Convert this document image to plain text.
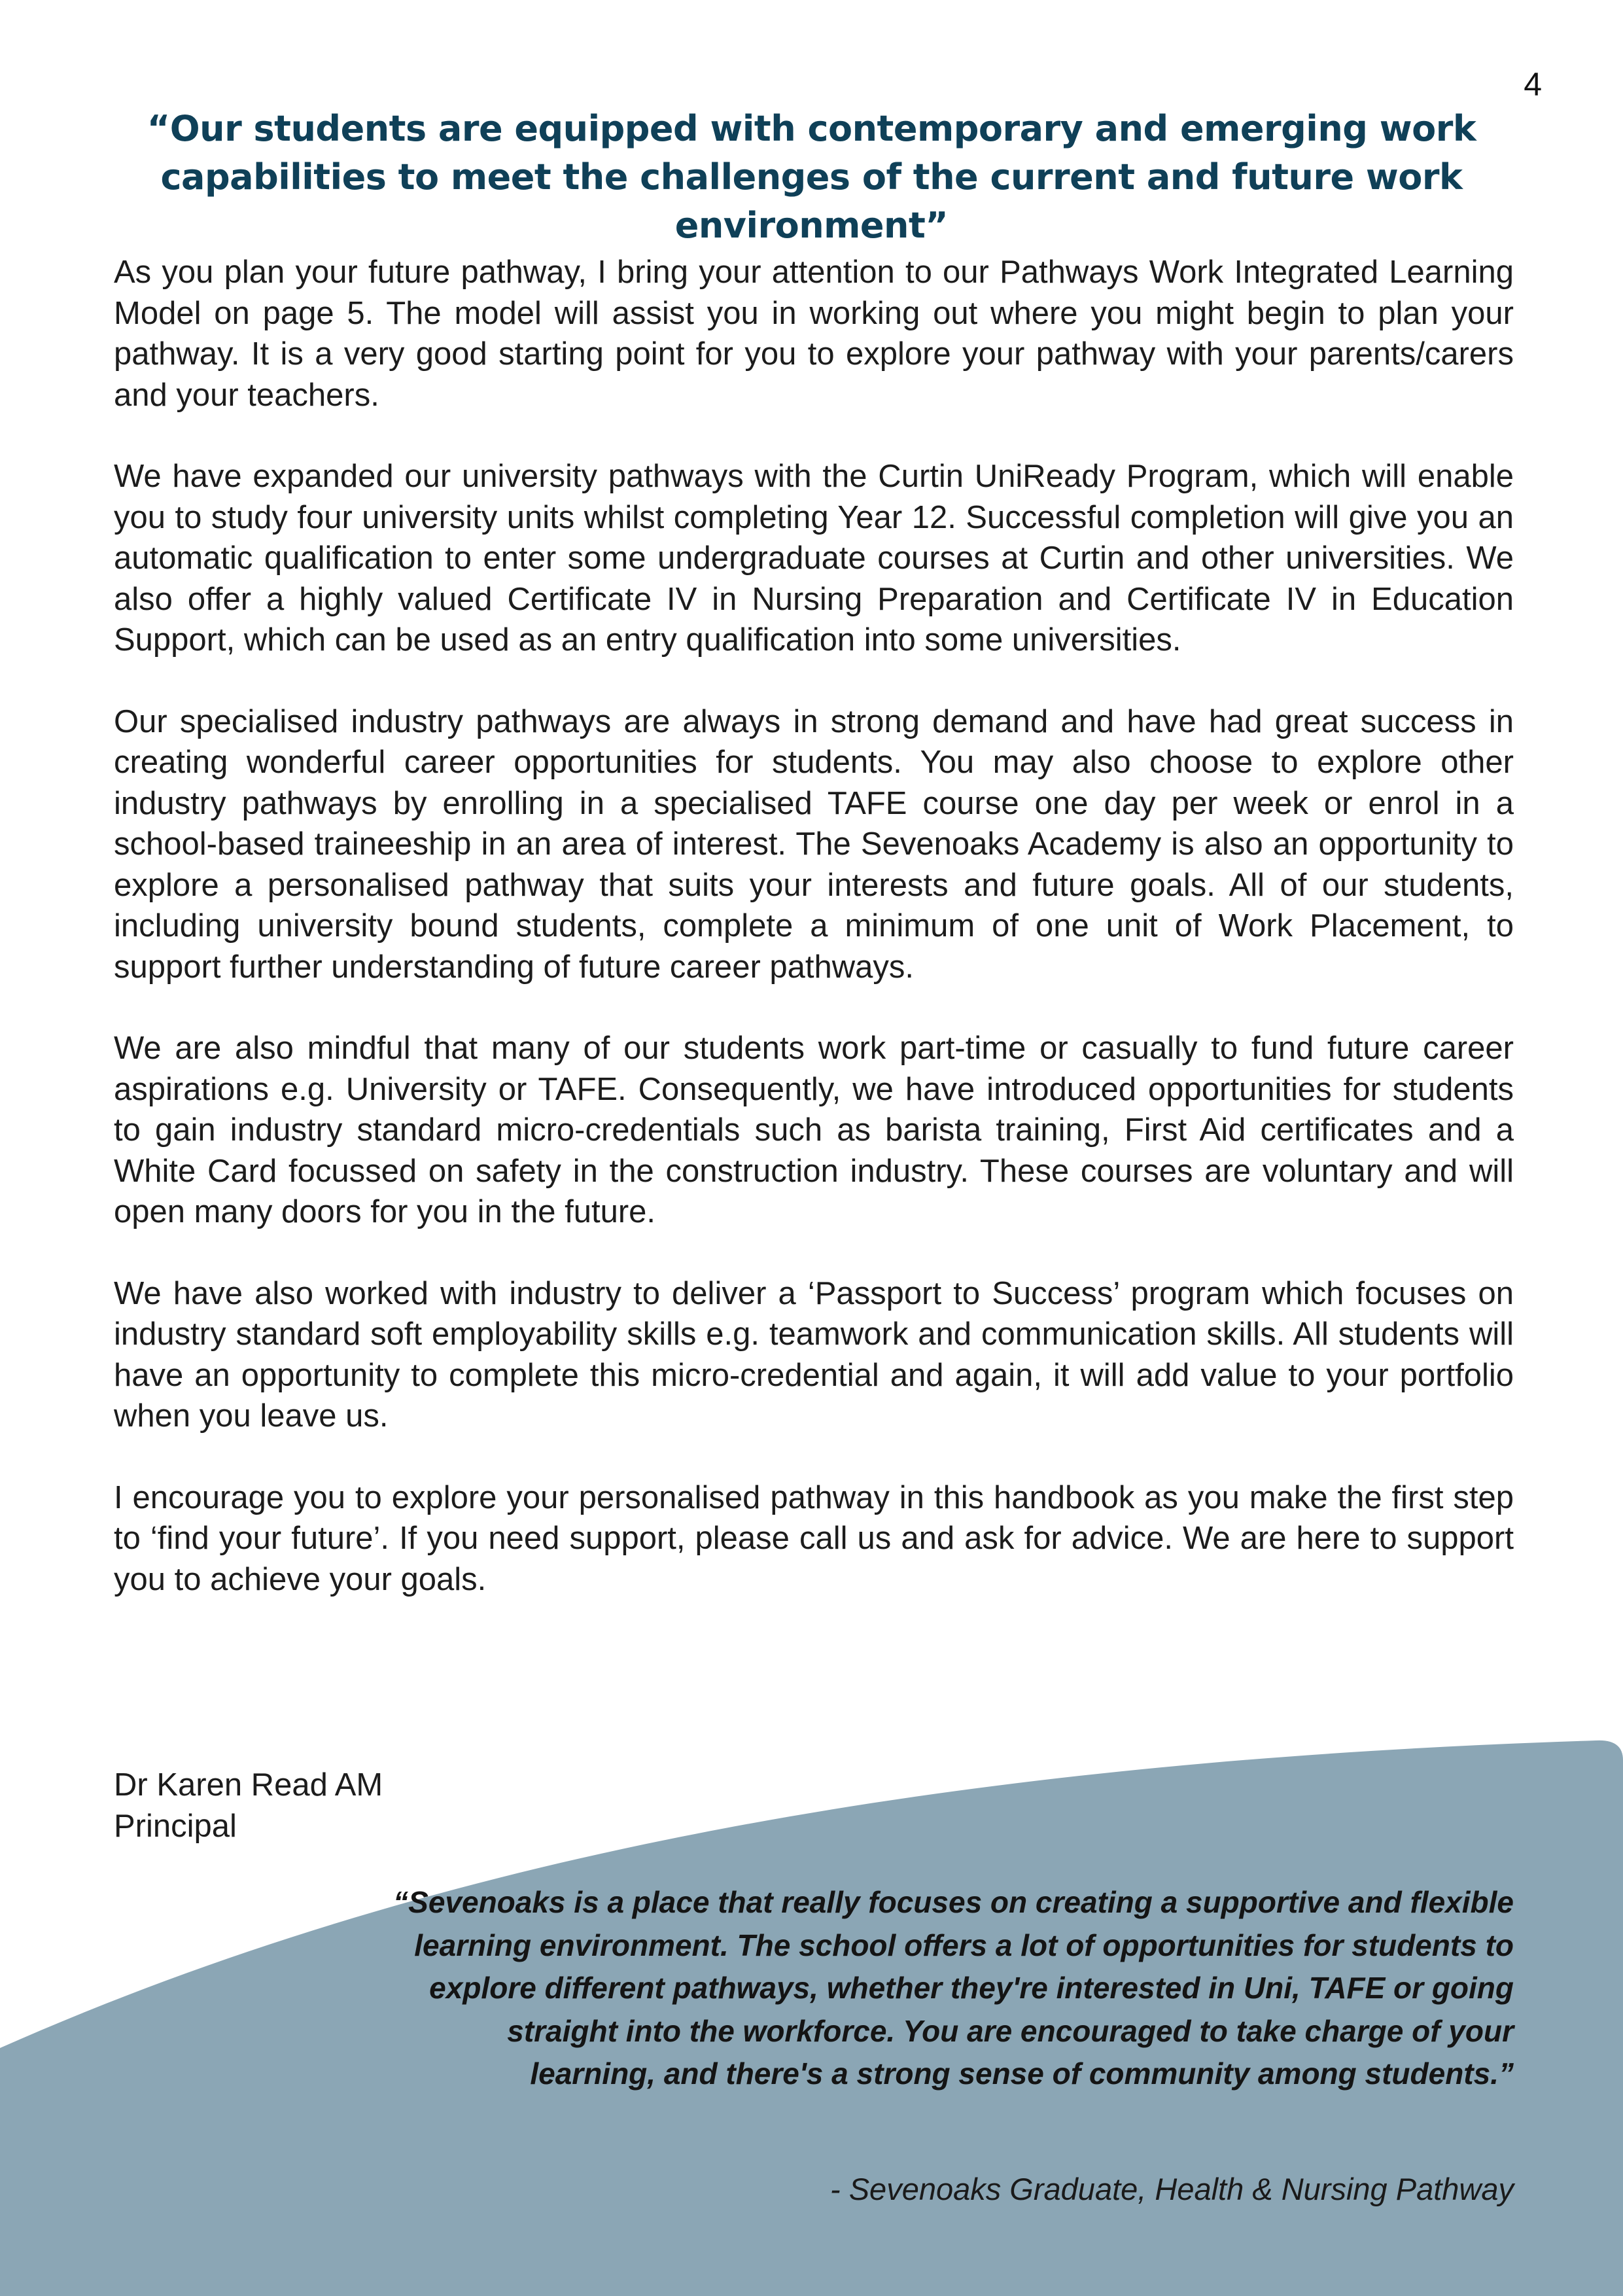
4
“Our students are equipped with contemporary and emerging work capabilities to meet the challenges of the current and future work environment”

As you plan your future pathway, I bring your attention to our Pathways Work Integrated Learning Model on page 5. The model will assist you in working out where you might begin to plan your pathway. It is a very good starting point for you to explore your pathway with your parents/carers and your teachers.

We have expanded our university pathways with the Curtin UniReady Program, which will enable you to study four university units whilst completing Year 12. Successful completion will give you an automatic qualification to enter some undergraduate courses at Curtin and other universities. We also offer a highly valued Certificate IV in Nursing Preparation and Certificate IV in Education Support, which can be used as an entry qualification into some universities.

Our specialised industry pathways are always in strong demand and have had great success in creating wonderful career opportunities for students. You may also choose to explore other industry pathways by enrolling in a specialised TAFE course one day per week or enrol in a school-based traineeship in an area of interest. The Sevenoaks Academy is also an opportunity to explore a personalised pathway that suits your interests and future goals. All of our students, including university bound students, complete a minimum of one unit of Work Placement, to support further understanding of future career pathways.

We are also mindful that many of our students work part-time or casually to fund future career aspirations e.g. University or TAFE. Consequently, we have introduced opportunities for students to gain industry standard micro-credentials such as barista training, First Aid certificates and a White Card focussed on safety in the construction industry. These courses are voluntary and will open many doors for you in the future.

We have also worked with industry to deliver a ‘Passport to Success’ program which focuses on industry standard soft employability skills e.g. teamwork and communication skills. All students will have an opportunity to complete this micro-credential and again, it will add value to your portfolio when you leave us.

I encourage you to explore your personalised pathway in this handbook as you make the first step to ‘find your future’. If you need support, please call us and ask for advice. We are here to support you to achieve your goals.

Dr Karen Read AM
Principal

“Sevenoaks is a place that really focuses on creating a supportive and flexible learning environment. The school offers a lot of opportunities for students to explore different pathways, whether they're interested in Uni, TAFE or going straight into the workforce. You are encouraged to take charge of your learning, and there's a strong sense of community among students.”

- Sevenoaks Graduate, Health & Nursing Pathway
